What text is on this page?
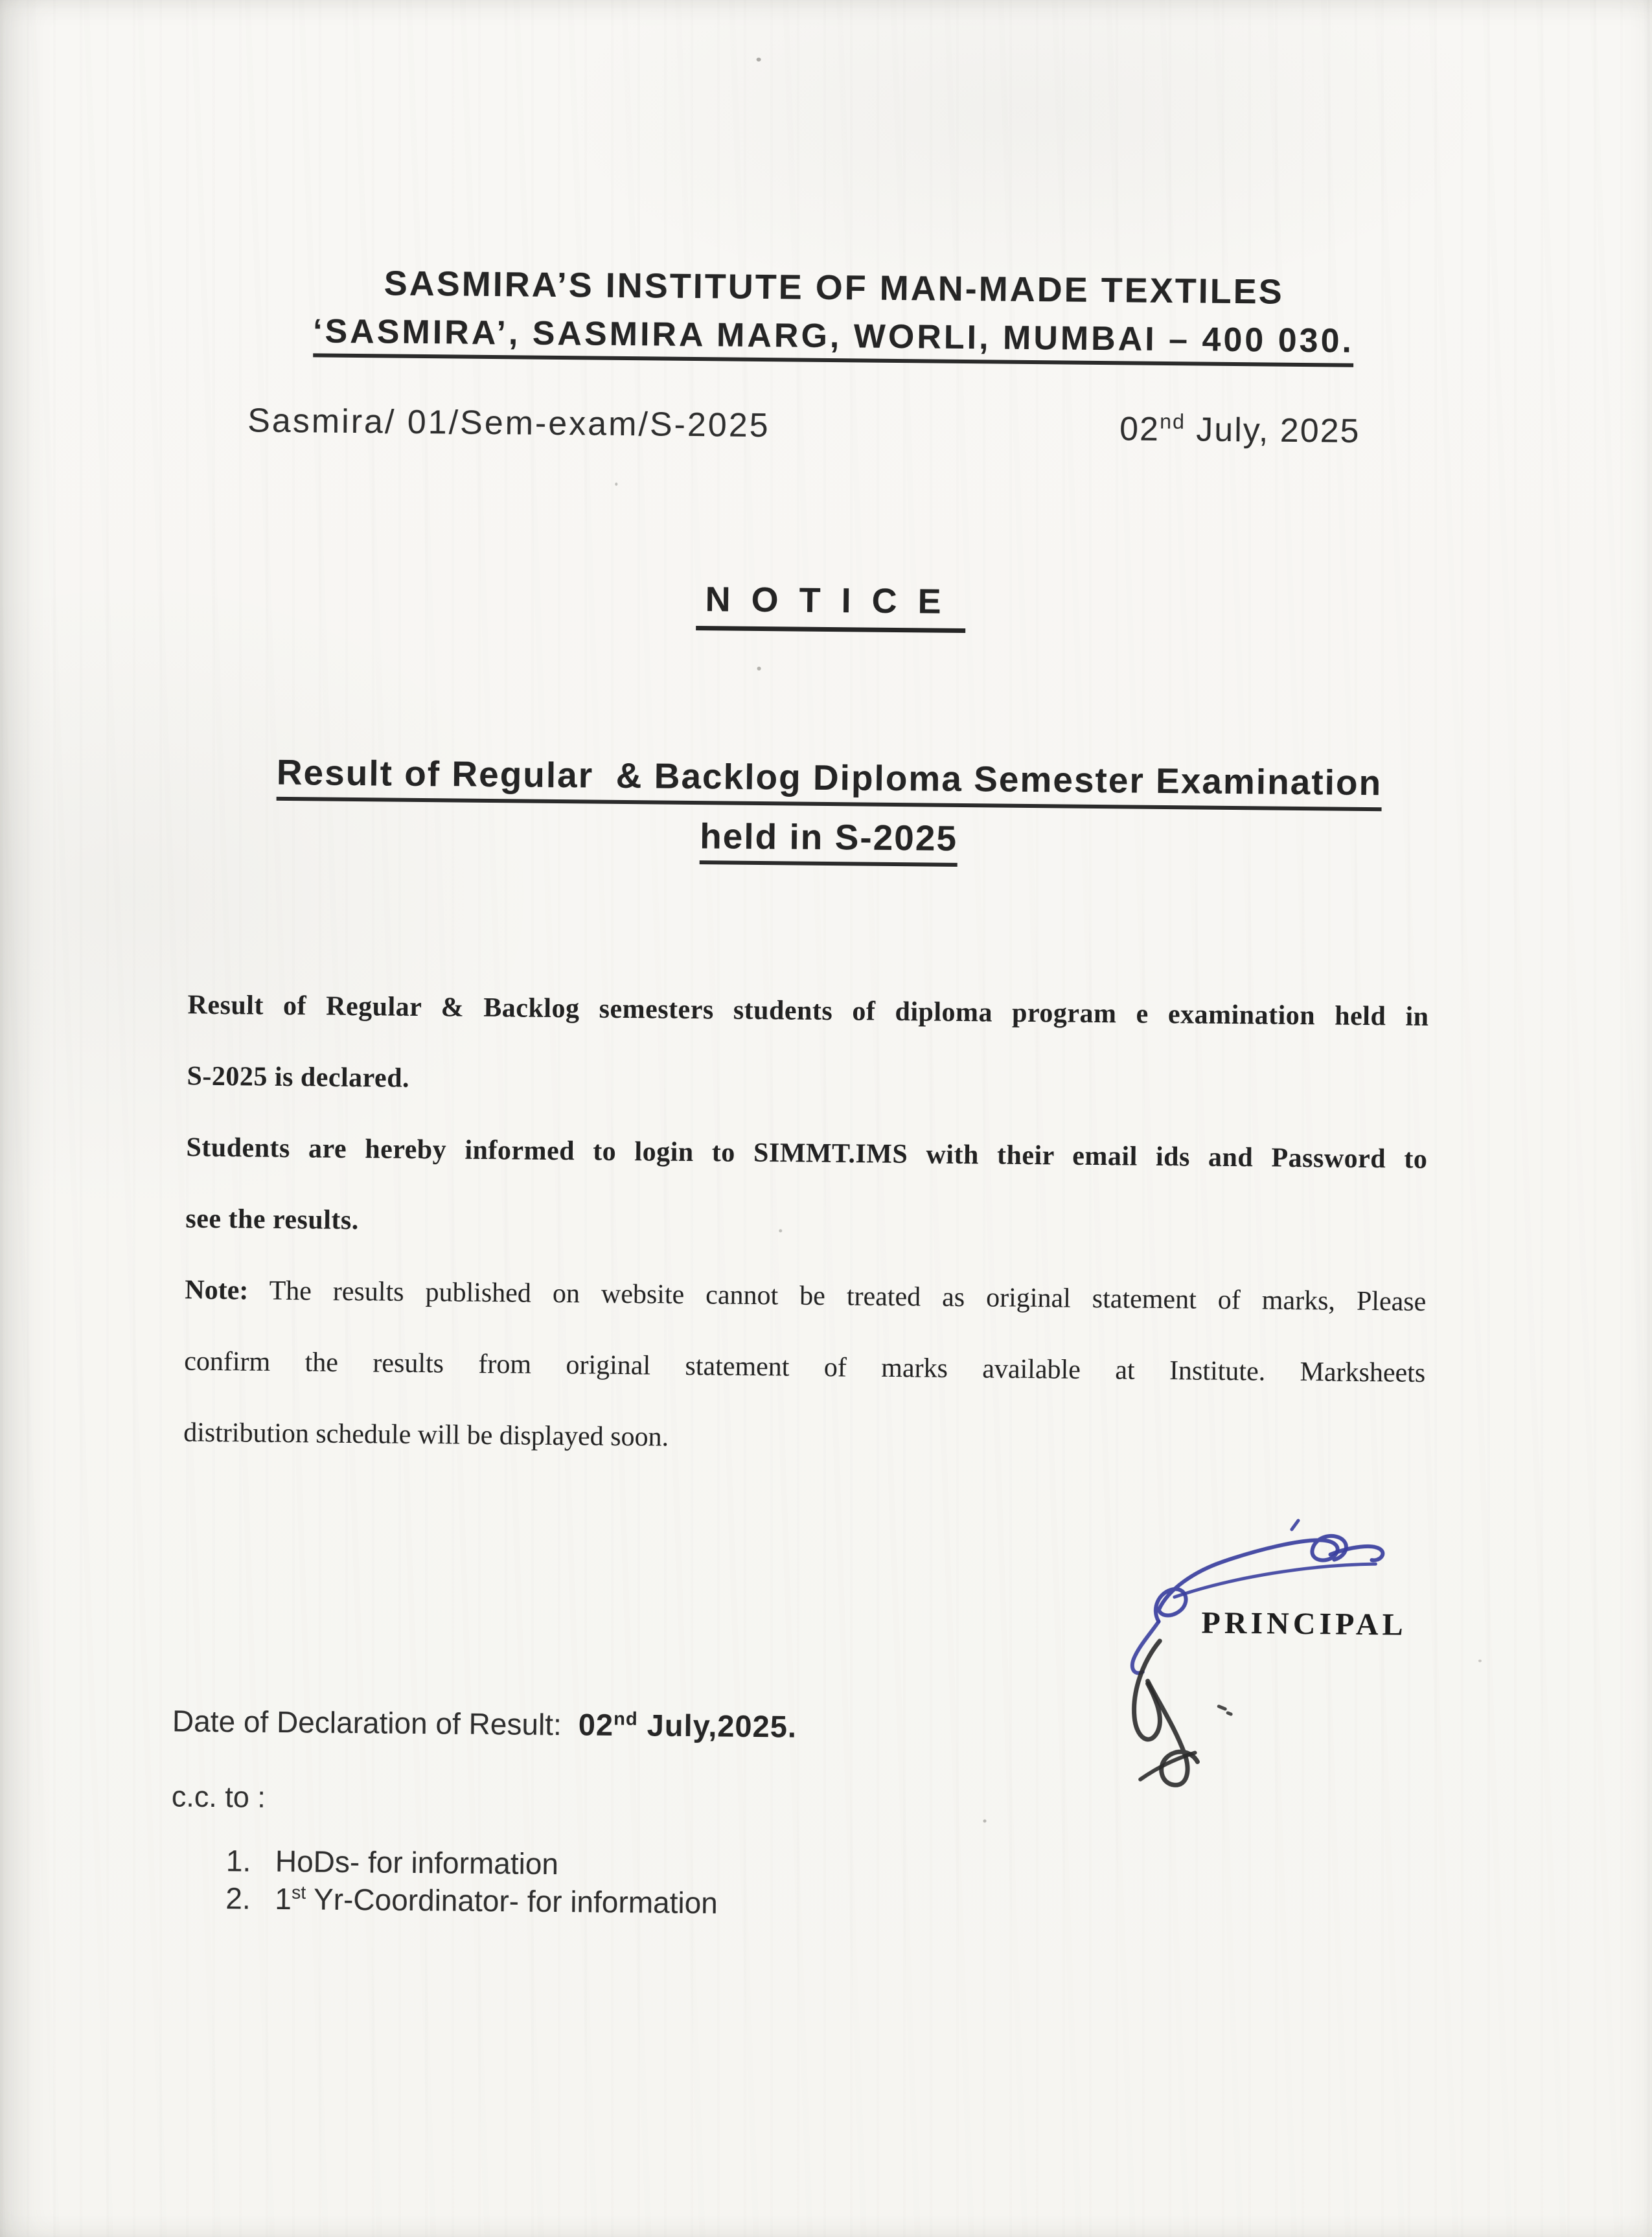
SASMIRA’S INSTITUTE OF MAN-MADE TEXTILES
‘SASMIRA’, SASMIRA MARG, WORLI, MUMBAI – 400 030.
Sasmira/ 01/Sem-exam/S-2025	02nd July, 2025
NOTICE
Result of Regular  & Backlog Diploma Semester Examination
held in S-2025
Result of Regular & Backlog semesters students of diploma program e examination held in
S-2025 is declared.
Students are hereby informed to login to SIMMT.IMS with their email ids and Password to
see the results.
Note: The results published on website cannot be treated as original statement of marks, Please
confirm the results from original statement of marks available at Institute. Marksheets
distribution schedule will be displayed soon.
PRINCIPAL
Date of Declaration of Result: 02nd July,2025.
c.c. to :
1. HoDs- for information
2. 1st Yr-Coordinator- for information
